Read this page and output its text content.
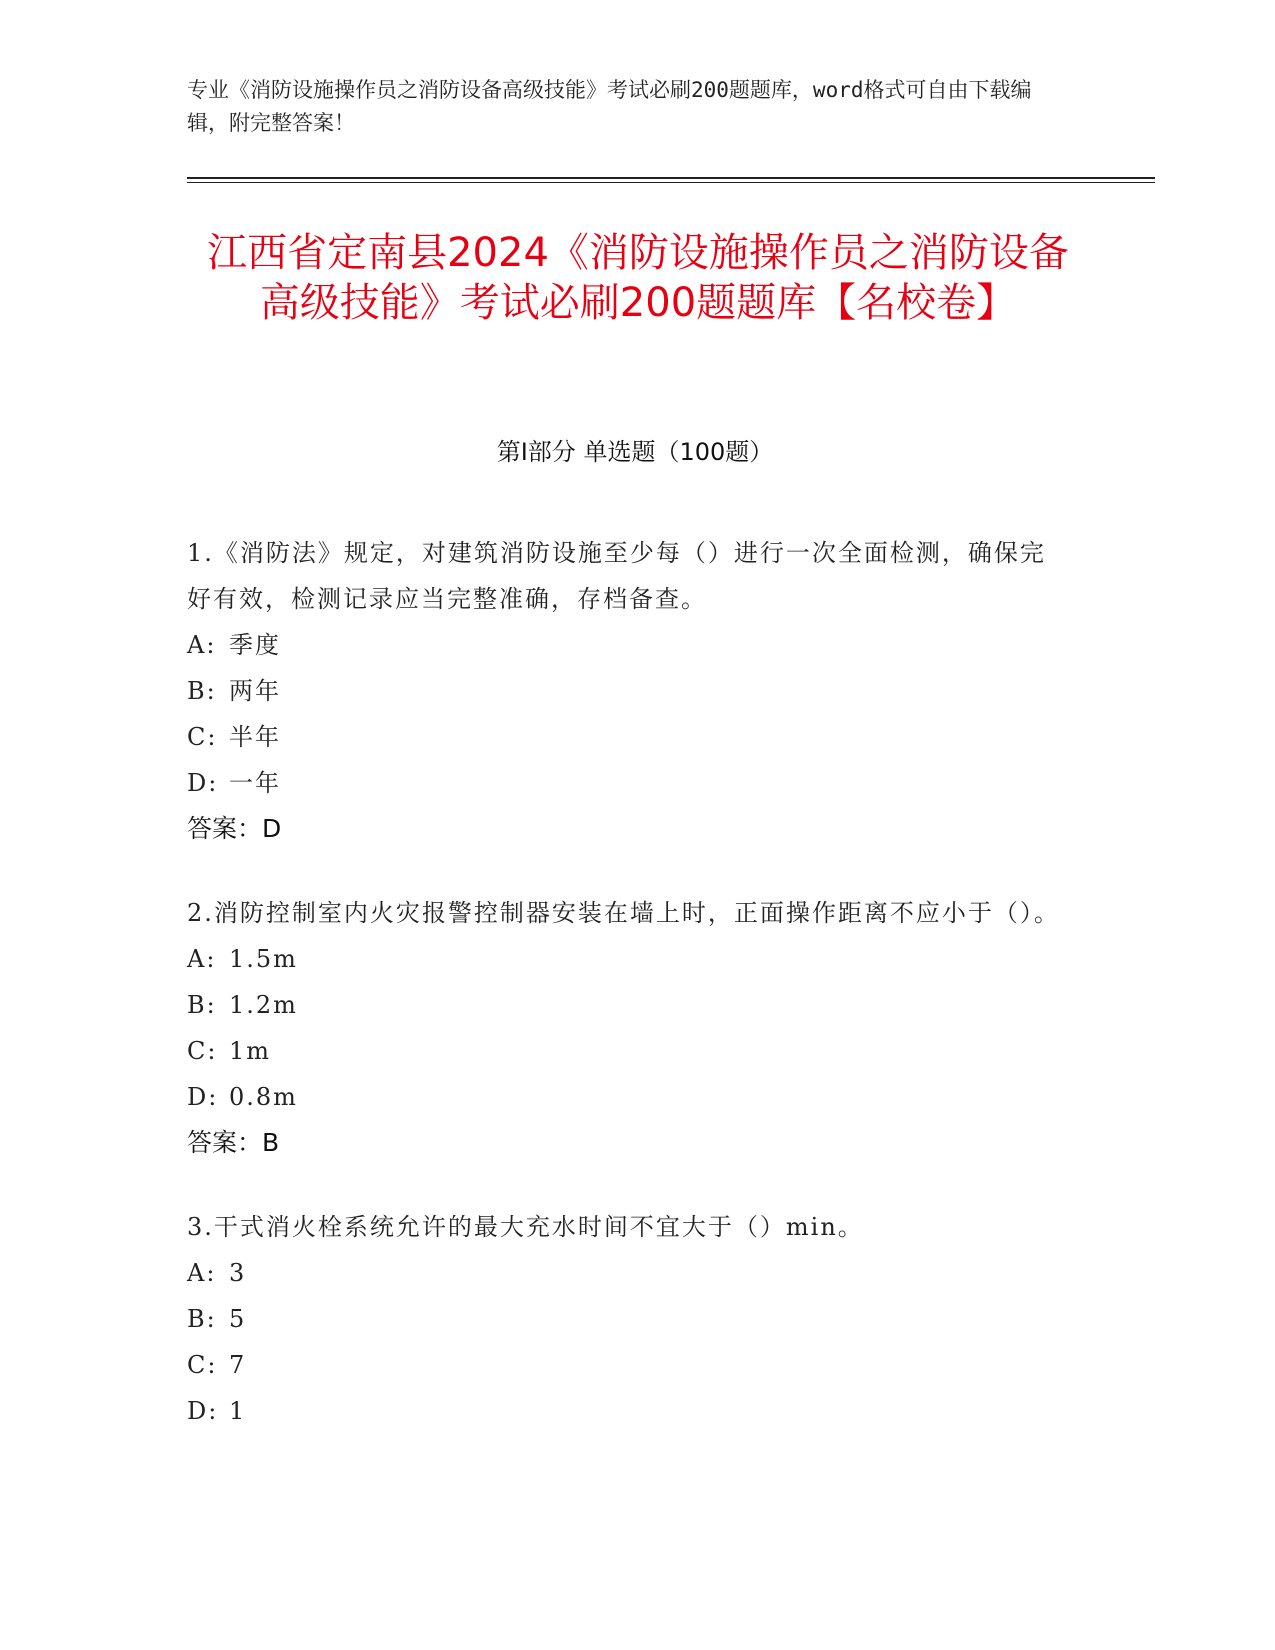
专业《消防设施操作员之消防设备高级技能》考试必刷200题题库，word格式可自由下载编辑，附完整答案！
江西省定南县2024《消防设施操作员之消防设备高级技能》考试必刷200题题库【名校卷】
第I部分 单选题（100题）
1.《消防法》规定，对建筑消防设施至少每（）进行一次全面检测，确保完好有效，检测记录应当完整准确，存档备查。
A: 季度
B: 两年
C: 半年
D: 一年
答案：D
2.消防控制室内火灾报警控制器安装在墙上时，正面操作距离不应小于（）。
A: 1.5m
B: 1.2m
C: 1m
D: 0.8m
答案：B
3.干式消火栓系统允许的最大充水时间不宜大于（）min。
A: 3
B: 5
C: 7
D: 1
